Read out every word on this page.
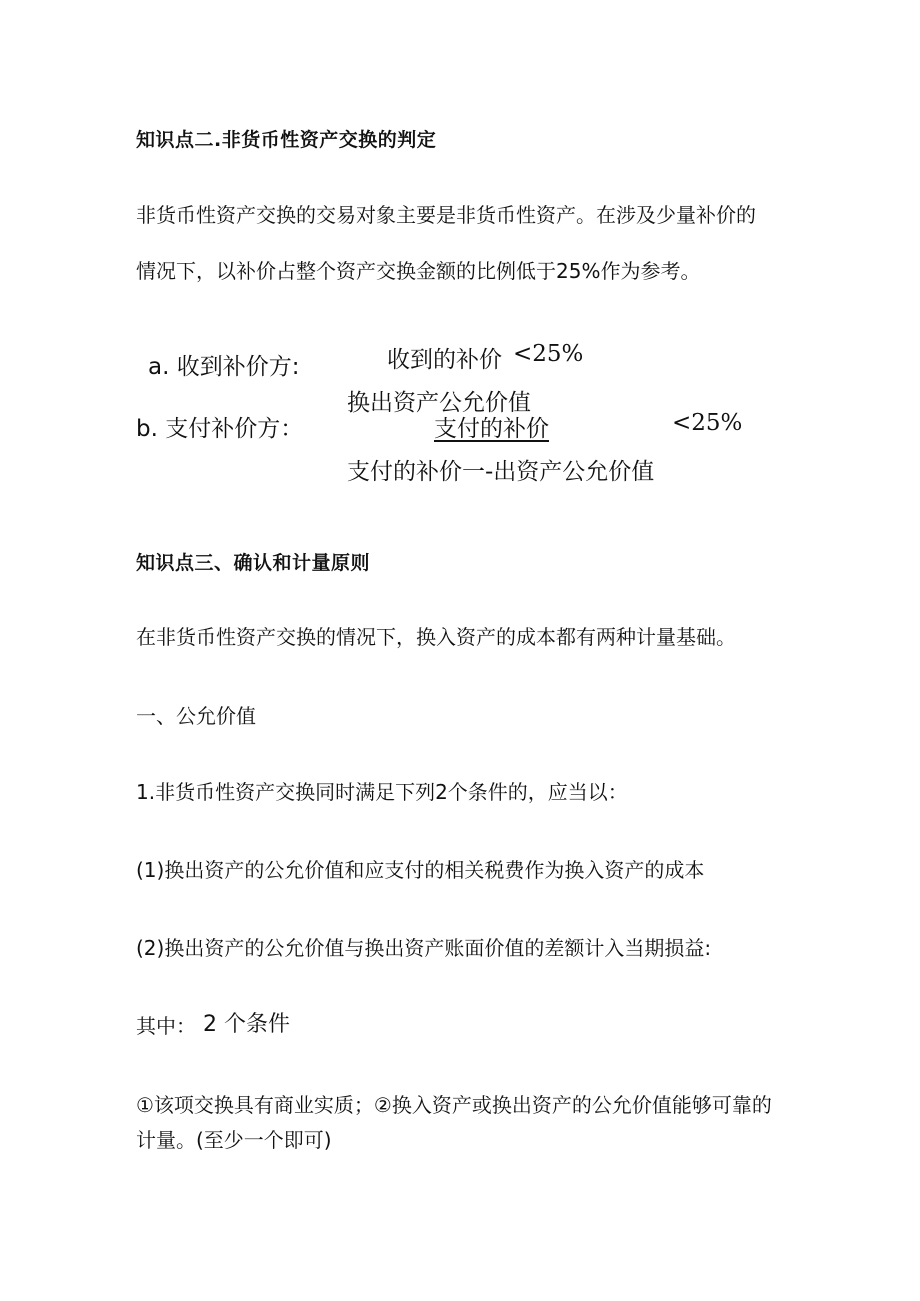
知识点二.非货币性资产交换的判定
非货币性资产交换的交易对象主要是非货币性资产。在涉及少量补价的
情况下，以补价占整个资产交换金额的比例低于25%作为参考。
a. 收到补价方:	收到的补价 <25%
换出资产公允价值
b. 支付补价方：	支付的补价	<25%
支付的补价一-出资产公允价值
知识点三、确认和计量原则
在非货币性资产交换的情况下，换入资产的成本都有两种计量基础。
一、公允价值
1.非货币性资产交换同时满足下列2个条件的，应当以：
(1)换出资产的公允价值和应支付的相关税费作为换入资产的成本
(2)换出资产的公允价值与换出资产账面价值的差额计入当期损益:
其中： 2 个条件
①该项交换具有商业实质；②换入资产或换出资产的公允价值能够可靠的
计量。(至少一个即可)
